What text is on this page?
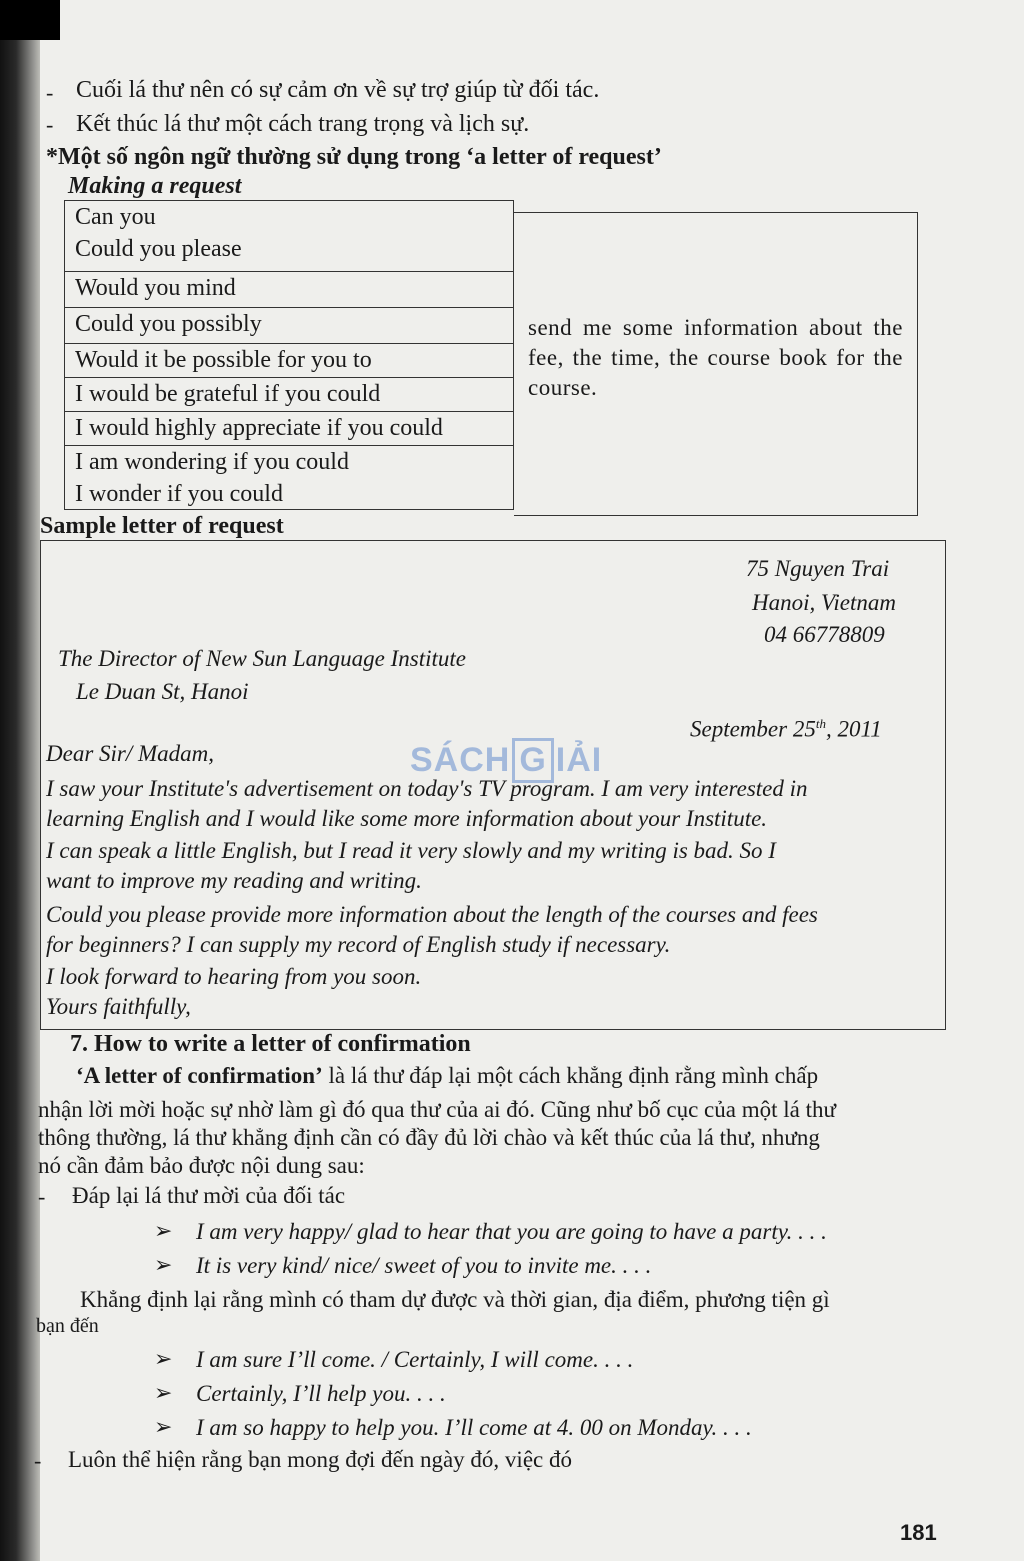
- Cuối lá thư nên có sự cảm ơn về sự trợ giúp từ đối tác.
- Kết thúc lá thư một cách trang trọng và lịch sự.
*Một số ngôn ngữ thường sử dụng trong ‘a letter of request’
Making a request
Can you
Could you please
Would you mind
Could you possibly
Would it be possible for you to
I would be grateful if you could
I would highly appreciate if you could
I am wondering if you could
I wonder if you could
send me some information about the fee, the time, the course book for the course.
Sample letter of request
75 Nguyen Trai
Hanoi, Vietnam
04 66778809
The Director of New Sun Language Institute
Le Duan St, Hanoi
September 25th, 2011
Dear Sir/ Madam,
I saw your Institute's advertisement on today's TV program. I am very interested in
learning English and I would like some more information about your Institute.
I can speak a little English, but I read it very slowly and my writing is bad. So I
want to improve my reading and writing.
Could you please provide more information about the length of the courses and fees
for beginners? I can supply my record of English study if necessary.
I look forward to hearing from you soon.
Yours faithfully,
SÁCH G IẢI
7. How to write a letter of confirmation
‘A letter of confirmation’ là lá thư đáp lại một cách khẳng định rằng mình chấp
nhận lời mời hoặc sự nhờ làm gì đó qua thư của ai đó. Cũng như bố cục của một lá thư
thông thường, lá thư khẳng định cần có đầy đủ lời chào và kết thúc của lá thư, nhưng
nó cần đảm bảo được nội dung sau:
- Đáp lại lá thư mời của đối tác
➢ I am very happy/ glad to hear that you are going to have a party. . . .
➢ It is very kind/ nice/ sweet of you to invite me. . . .
Khẳng định lại rằng mình có tham dự được và thời gian, địa điểm, phương tiện gì
bạn đến
➢ I am sure I’ll come. / Certainly, I will come. . . .
➢ Certainly, I’ll help you. . . .
➢ I am so happy to help you. I’ll come at 4. 00 on Monday. . . .
- Luôn thể hiện rằng bạn mong đợi đến ngày đó, việc đó
181
